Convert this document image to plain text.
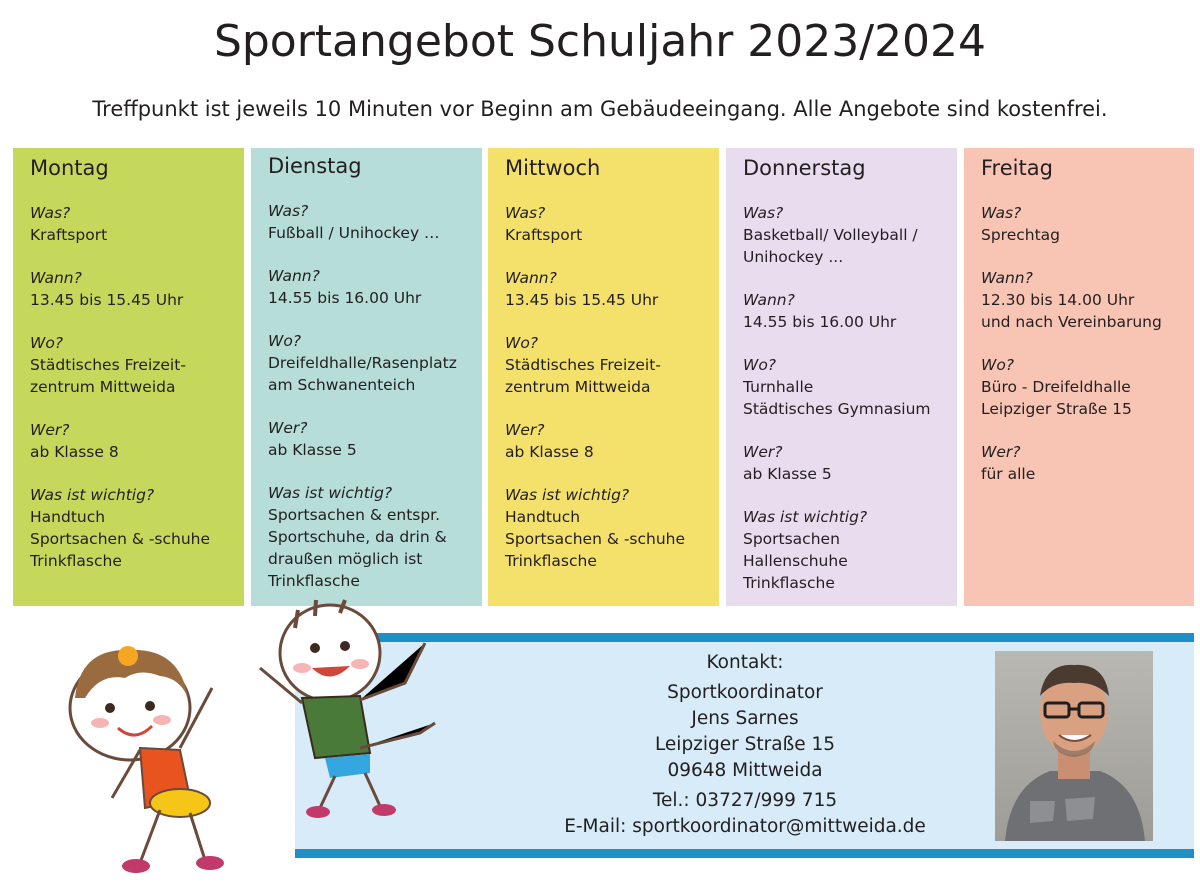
Sportangebot Schuljahr 2023/2024
Treffpunkt ist jeweils 10 Minuten vor Beginn am Gebäudeeingang. Alle Angebote sind kostenfrei.
Montag
Was?
Kraftsport
Wann?
13.45 bis 15.45 Uhr
Wo?
Städtisches Freizeit-
zentrum Mittweida
Wer?
ab Klasse 8
Was ist wichtig?
Handtuch
Sportsachen & -schuhe
Trinkflasche
Dienstag
Was?
Fußball / Unihockey …
Wann?
14.55 bis 16.00 Uhr
Wo?
Dreifeldhalle/Rasenplatz
am Schwanenteich
Wer?
ab Klasse 5
Was ist wichtig?
Sportsachen & entspr.
Sportschuhe, da drin &
draußen möglich ist
Trinkflasche
Mittwoch
Was?
Kraftsport
Wann?
13.45 bis 15.45 Uhr
Wo?
Städtisches Freizeit-
zentrum Mittweida
Wer?
ab Klasse 8
Was ist wichtig?
Handtuch
Sportsachen & -schuhe
Trinkflasche
Donnerstag
Was?
Basketball/ Volleyball /
Unihockey ...
Wann?
14.55 bis 16.00 Uhr
Wo?
Turnhalle
Städtisches Gymnasium
Wer?
ab Klasse 5
Was ist wichtig?
Sportsachen
Hallenschuhe
Trinkflasche
Freitag
Was?
Sprechtag
Wann?
12.30 bis 14.00 Uhr
und nach Vereinbarung
Wo?
Büro - Dreifeldhalle
Leipziger Straße 15
Wer?
für alle
Kontakt:
Sportkoordinator
Jens Sarnes
Leipziger Straße 15
09648 Mittweida
Tel.: 03727/999 715
E-Mail: sportkoordinator@mittweida.de
